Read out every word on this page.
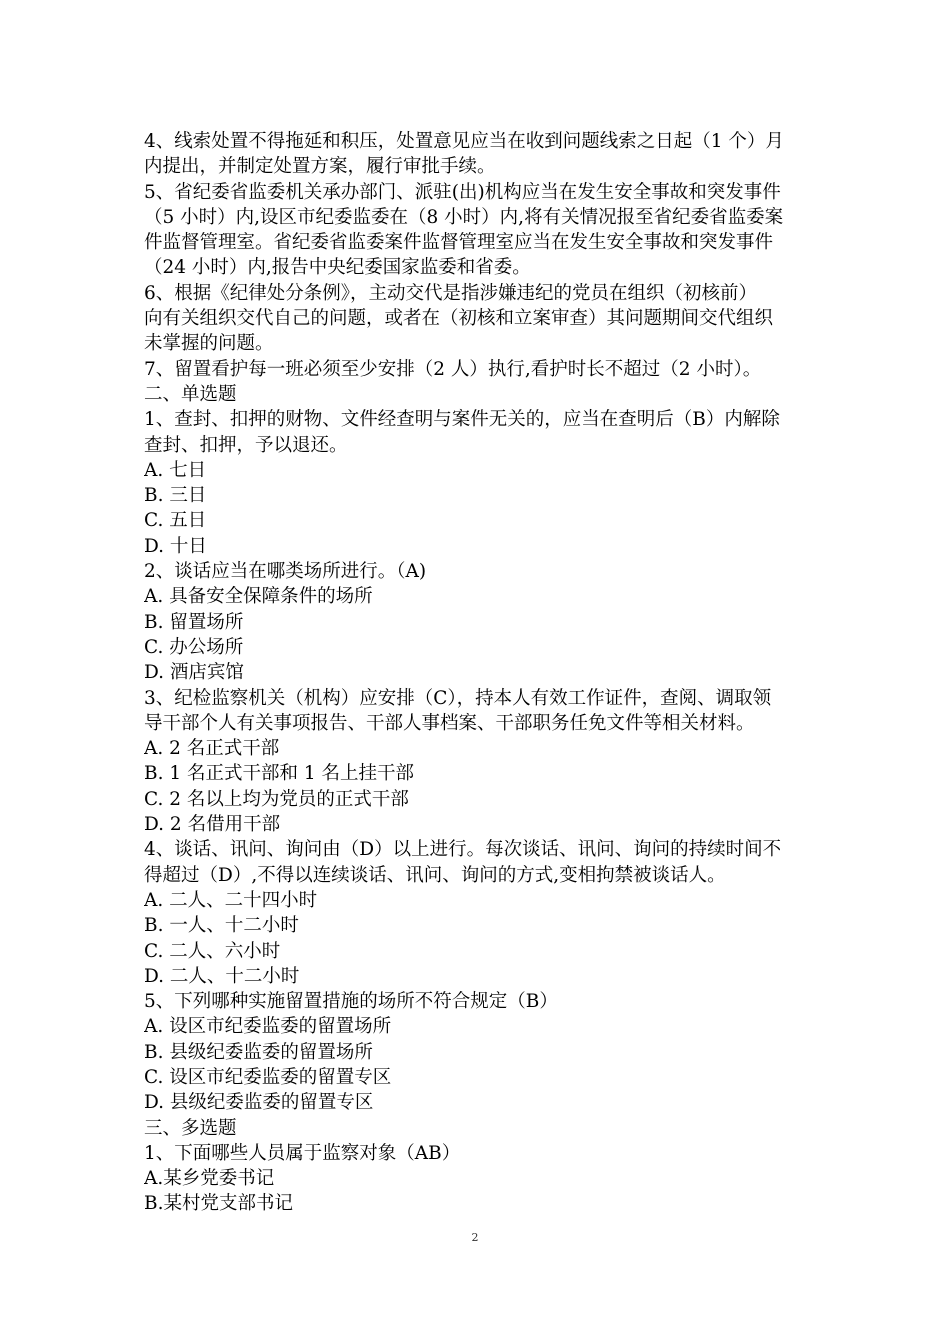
4、线索处置不得拖延和积压，处置意见应当在收到问题线索之日起（1 个）月
内提出，并制定处置方案，履行审批手续。
5、省纪委省监委机关承办部门、派驻(出)机构应当在发生安全事故和突发事件
（5 小时）内,设区市纪委监委在（8 小时）内,将有关情况报至省纪委省监委案
件监督管理室。省纪委省监委案件监督管理室应当在发生安全事故和突发事件
（24 小时）内,报告中央纪委国家监委和省委。
6、根据《纪律处分条例》，主动交代是指涉嫌违纪的党员在组织（初核前）
向有关组织交代自己的问题，或者在（初核和立案审查）其问题期间交代组织
未掌握的问题。
7、留置看护每一班必须至少安排（2 人）执行,看护时长不超过（2 小时）。
二、单选题
1、查封、扣押的财物、文件经查明与案件无关的，应当在查明后（B）内解除
查封、扣押，予以退还。
A. 七日
B. 三日
C. 五日
D. 十日
2、谈话应当在哪类场所进行。（A)
A. 具备安全保障条件的场所
B. 留置场所
C. 办公场所
D. 酒店宾馆
3、纪检监察机关（机构）应安排（C），持本人有效工作证件，查阅、调取领
导干部个人有关事项报告、干部人事档案、干部职务任免文件等相关材料。
A. 2 名正式干部
B. 1 名正式干部和 1 名上挂干部
C. 2 名以上均为党员的正式干部
D. 2 名借用干部
4、谈话、讯问、询问由（D）以上进行。每次谈话、讯问、询问的持续时间不
得超过（D）,不得以连续谈话、讯问、询问的方式,变相拘禁被谈话人。
A. 二人、二十四小时
B. 一人、十二小时
C. 二人、六小时
D. 二人、十二小时
5、下列哪种实施留置措施的场所不符合规定（B）
A. 设区市纪委监委的留置场所
B. 县级纪委监委的留置场所
C. 设区市纪委监委的留置专区
D. 县级纪委监委的留置专区
三、多选题
1、下面哪些人员属于监察对象（AB）
A.某乡党委书记
B.某村党支部书记
2
